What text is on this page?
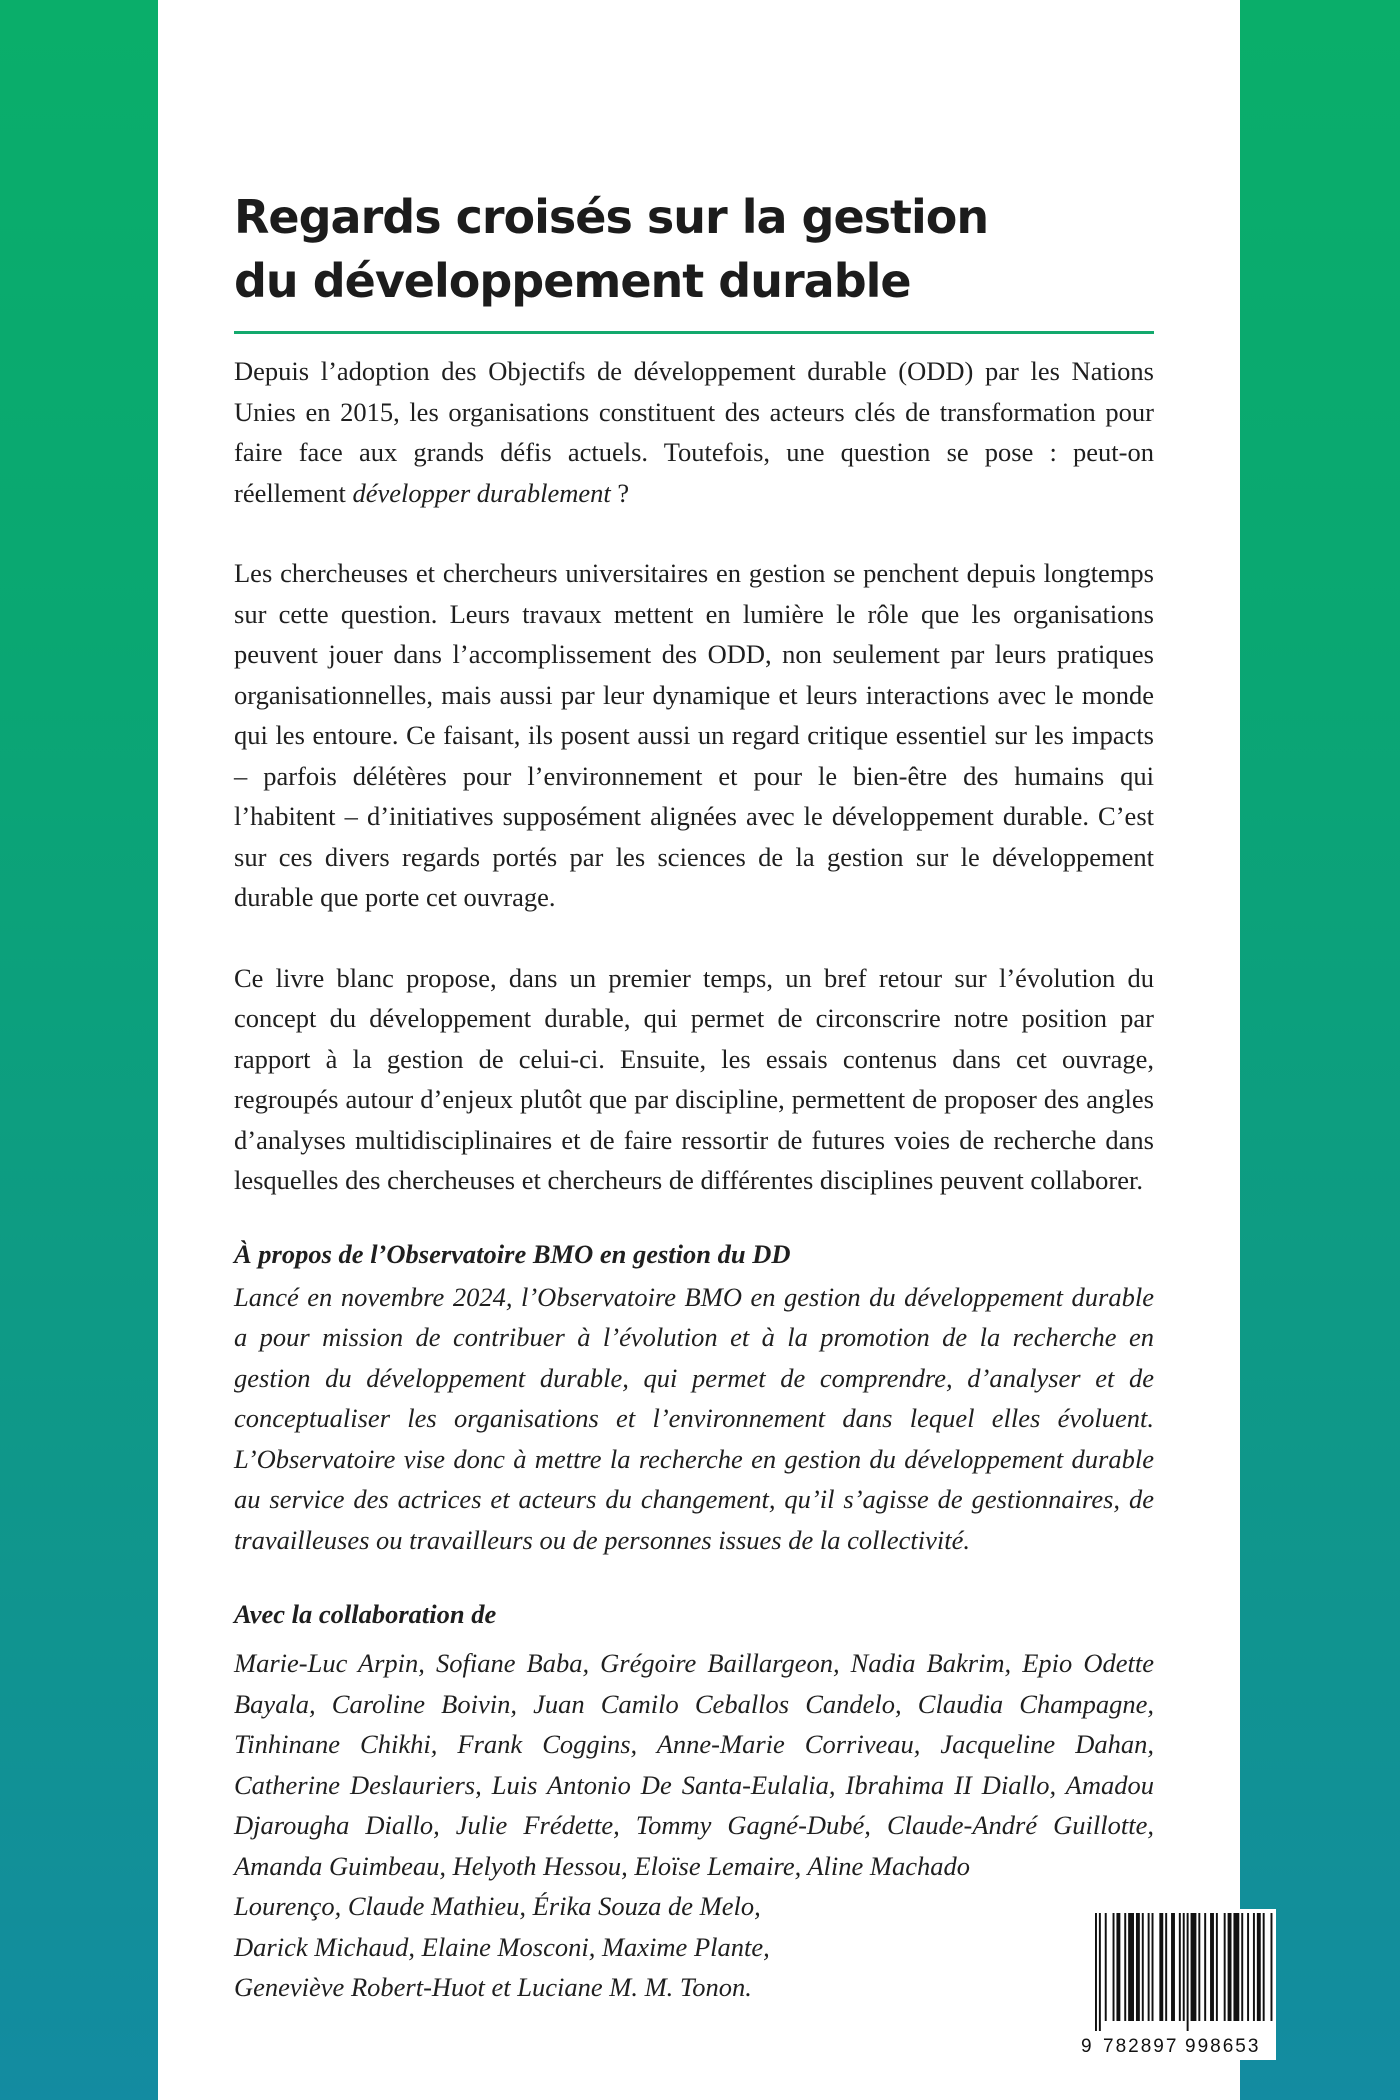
Regards croisés sur la gestion
du développement durable

Depuis l’adoption des Objectifs de développement durable (ODD) par les Nations Unies en 2015, les organisations constituent des acteurs clés de transformation pour faire face aux grands défis actuels. Toutefois, une question se pose : peut-on réellement développer durablement ?

Les chercheuses et chercheurs universitaires en gestion se penchent depuis longtemps sur cette question. Leurs travaux mettent en lumière le rôle que les organisations peuvent jouer dans l’accomplissement des ODD, non seulement par leurs pratiques organisationnelles, mais aussi par leur dynamique et leurs interactions avec le monde qui les entoure. Ce faisant, ils posent aussi un regard critique essentiel sur les impacts – parfois délétères pour l’environnement et pour le bien-être des humains qui l’habitent – d’initiatives supposément alignées avec le développement durable. C’est sur ces divers regards portés par les sciences de la gestion sur le développement durable que porte cet ouvrage.

Ce livre blanc propose, dans un premier temps, un bref retour sur l’évolution du concept du développement durable, qui permet de circonscrire notre position par rapport à la gestion de celui-ci. Ensuite, les essais contenus dans cet ouvrage, regroupés autour d’enjeux plutôt que par discipline, permettent de proposer des angles d’analyses multidisciplinaires et de faire ressortir de futures voies de recherche dans lesquelles des chercheuses et chercheurs de différentes disciplines peuvent collaborer.

À propos de l’Observatoire BMO en gestion du DD

Lancé en novembre 2024, l’Observatoire BMO en gestion du développement durable a pour mission de contribuer à l’évolution et à la promotion de la recherche en gestion du développement durable, qui permet de comprendre, d’analyser et de conceptualiser les organisations et l’environnement dans lequel elles évoluent. L’Observatoire vise donc à mettre la recherche en gestion du développement durable au service des actrices et acteurs du changement, qu’il s’agisse de gestionnaires, de travailleuses ou travailleurs ou de personnes issues de la collectivité.

Avec la collaboration de

Marie-Luc Arpin, Sofiane Baba, Grégoire Baillargeon, Nadia Bakrim, Epio Odette Bayala, Caroline Boivin, Juan Camilo Ceballos Candelo, Claudia Champagne, Tinhinane Chikhi, Frank Coggins, Anne-Marie Corriveau, Jacqueline Dahan, Catherine Deslauriers, Luis Antonio De Santa-Eulalia, Ibrahima II Diallo, Amadou Djarougha Diallo, Julie Frédette, Tommy Gagné-Dubé, Claude-André Guillotte, Amanda Guimbeau, Helyoth Hessou, Eloïse Lemaire, Aline Machado

Lourenço, Claude Mathieu, Érika Souza de Melo,
Darick Michaud, Elaine Mosconi, Maxime Plante,
Geneviève Robert-Huot et Luciane M. M. Tonon.

9 782897 998653
